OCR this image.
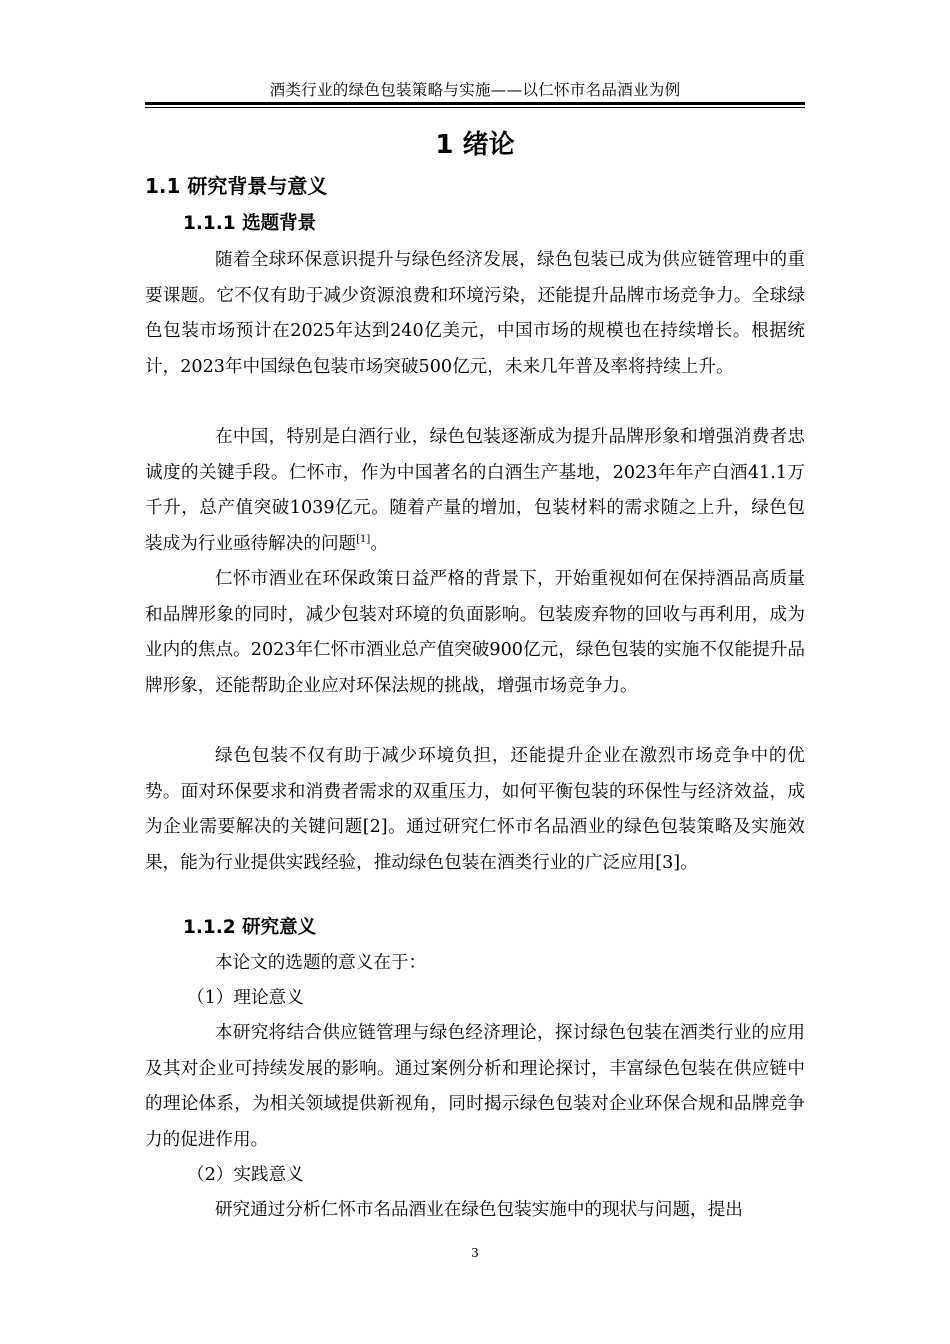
酒类行业的绿色包装策略与实施——以仁怀市名品酒业为例
1 绪论
1.1 研究背景与意义
1.1.1 选题背景
随着全球环保意识提升与绿色经济发展，绿色包装已成为供应链管理中的重要课题。它不仅有助于减少资源浪费和环境污染，还能提升品牌市场竞争力。全球绿色包装市场预计在2025年达到240亿美元，中国市场的规模也在持续增长。根据统计，2023年中国绿色包装市场突破500亿元，未来几年普及率将持续上升。
在中国，特别是白酒行业，绿色包装逐渐成为提升品牌形象和增强消费者忠诚度的关键手段。仁怀市，作为中国著名的白酒生产基地，2023年年产白酒41.1万千升，总产值突破1039亿元。随着产量的增加，包装材料的需求随之上升，绿色包装成为行业亟待解决的问题[1]。
仁怀市酒业在环保政策日益严格的背景下，开始重视如何在保持酒品高质量和品牌形象的同时，减少包装对环境的负面影响。包装废弃物的回收与再利用，成为业内的焦点。2023年仁怀市酒业总产值突破900亿元，绿色包装的实施不仅能提升品牌形象，还能帮助企业应对环保法规的挑战，增强市场竞争力。
绿色包装不仅有助于减少环境负担，还能提升企业在激烈市场竞争中的优势。面对环保要求和消费者需求的双重压力，如何平衡包装的环保性与经济效益，成为企业需要解决的关键问题[2]。通过研究仁怀市名品酒业的绿色包装策略及实施效果，能为行业提供实践经验，推动绿色包装在酒类行业的广泛应用[3]。
1.1.2 研究意义
本论文的选题的意义在于：
（1）理论意义
本研究将结合供应链管理与绿色经济理论，探讨绿色包装在酒类行业的应用及其对企业可持续发展的影响。通过案例分析和理论探讨，丰富绿色包装在供应链中的理论体系，为相关领域提供新视角，同时揭示绿色包装对企业环保合规和品牌竞争力的促进作用。
（2）实践意义
研究通过分析仁怀市名品酒业在绿色包装实施中的现状与问题，提出
3
